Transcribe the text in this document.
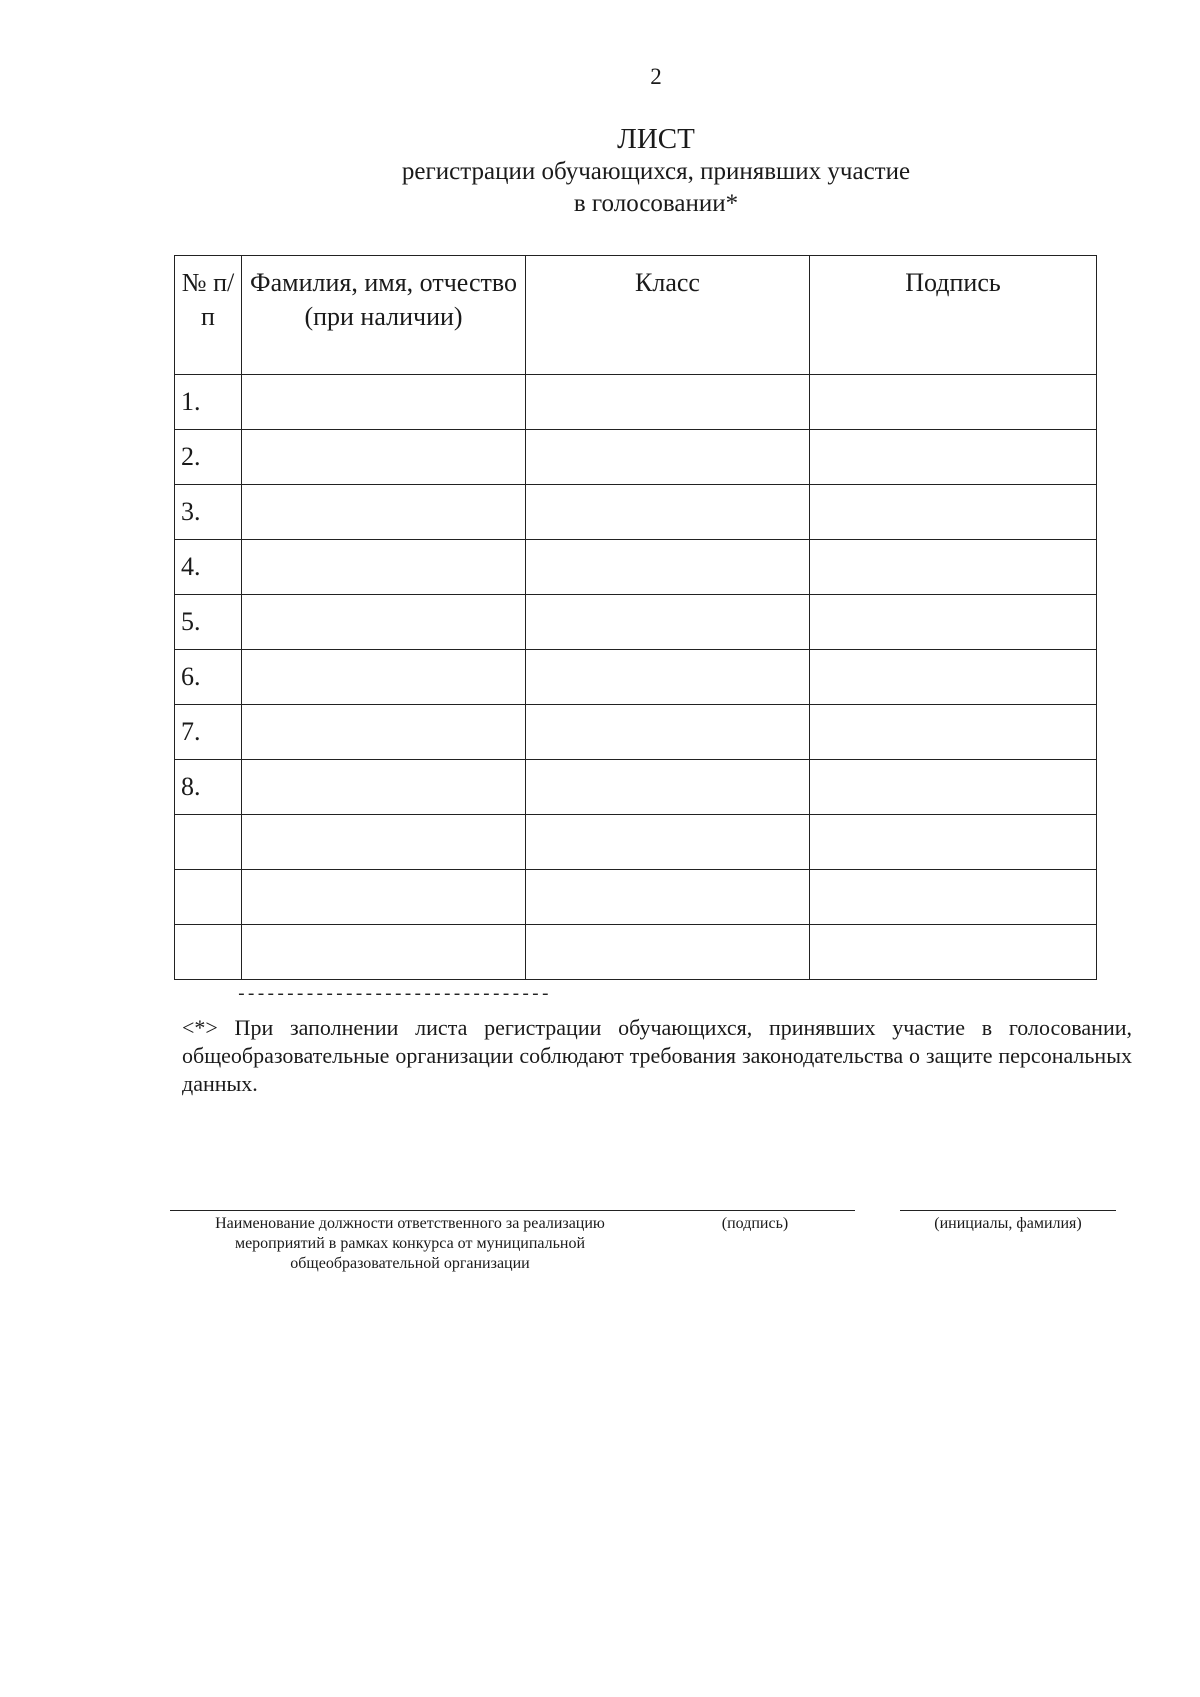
2
ЛИСТ
регистрации обучающихся, принявших участие
в голосовании*
№ п/п	Фамилия, имя, отчество (при наличии)	Класс	Подпись
1.			
2.			
3.			
4.			
5.			
6.			
7.			
8.			

--------------------------------
<*> При заполнении листа регистрации обучающихся, принявших участие в голосовании, общеобразовательные организации соблюдают требования законодательства о защите персональных данных.
Наименование должности ответственного за реализацию мероприятий в рамках конкурса от муниципальной общеобразовательной организации
(подпись)	(инициалы, фамилия)
